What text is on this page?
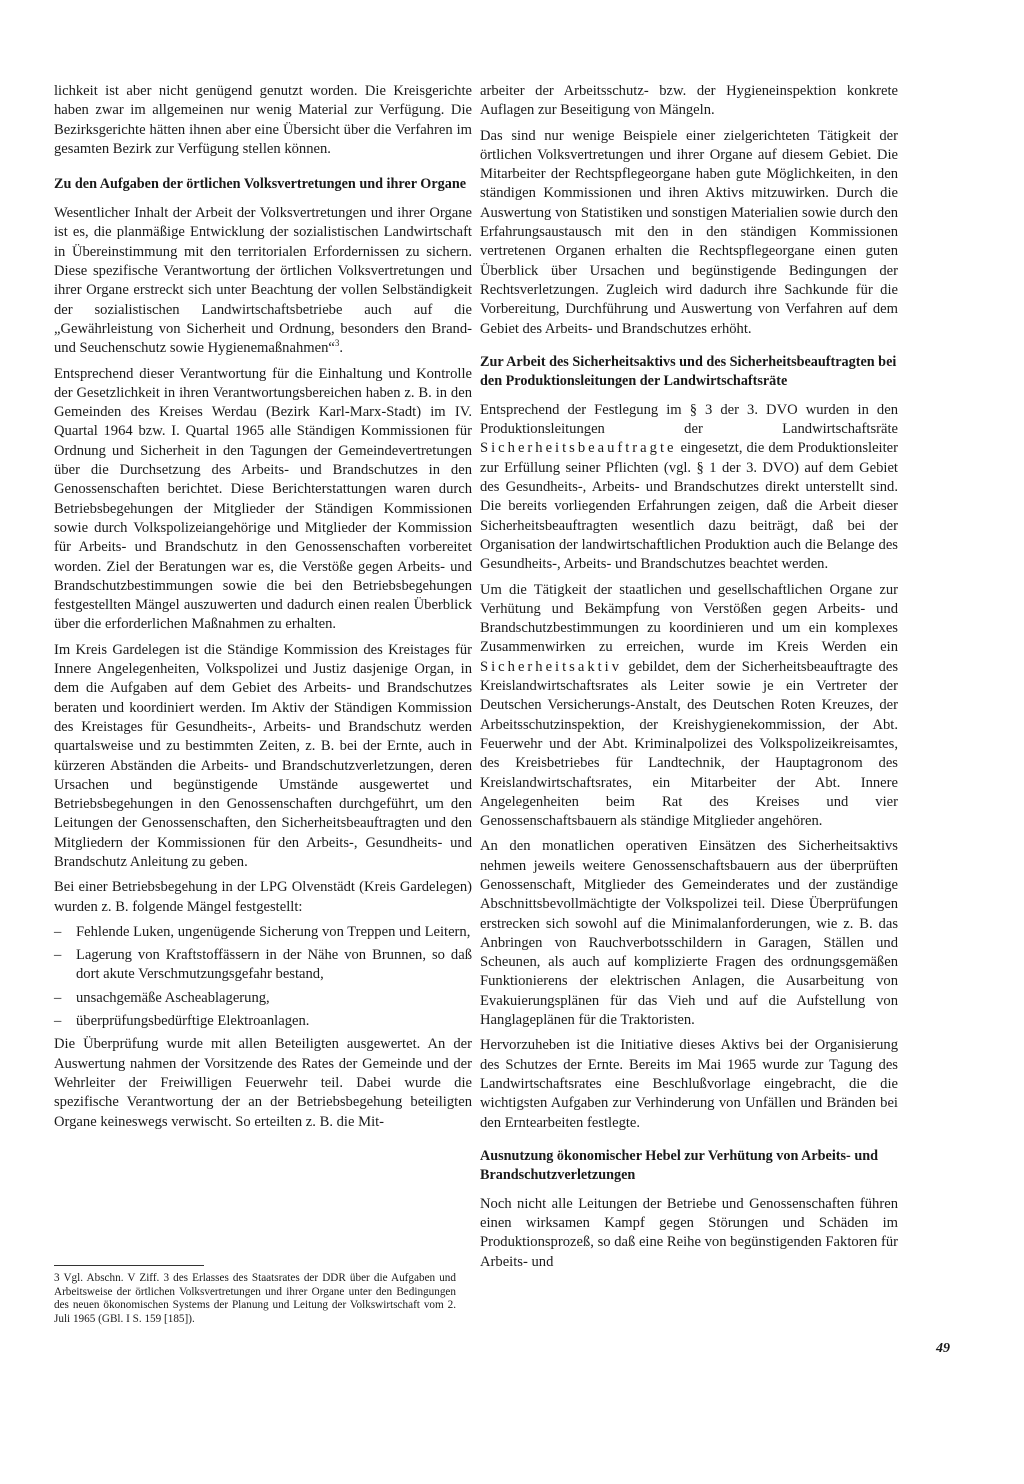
lichkeit ist aber nicht genügend genutzt worden. Die Kreisgerichte haben zwar im allgemeinen nur wenig Material zur Verfügung. Die Bezirksgerichte hätten ihnen aber eine Übersicht über die Verfahren im gesamten Bezirk zur Verfügung stellen können.

Zu den Aufgaben der örtlichen Volksvertretungen und ihrer Organe

Wesentlicher Inhalt der Arbeit der Volksvertretungen und ihrer Organe ist es, die planmäßige Entwicklung der sozialistischen Landwirtschaft in Übereinstimmung mit den territorialen Erfordernissen zu sichern. Diese spezifische Verantwortung der örtlichen Volksvertretungen und ihrer Organe erstreckt sich unter Beachtung der vollen Selbständigkeit der sozialistischen Landwirtschaftsbetriebe auch auf die „Gewährleistung von Sicherheit und Ordnung, besonders den Brand- und Seuchenschutz sowie Hygienemaßnahmen“$^3$.

Entsprechend dieser Verantwortung für die Einhaltung und Kontrolle der Gesetzlichkeit in ihren Verantwortungsbereichen haben z. B. in den Gemeinden des Kreises Werdau (Bezirk Karl-Marx-Stadt) im IV. Quartal 1964 bzw. I. Quartal 1965 alle Ständigen Kommissionen für Ordnung und Sicherheit in den Tagungen der Gemeindevertretungen über die Durchsetzung des Arbeits- und Brandschutzes in den Genossenschaften berichtet. Diese Berichterstattungen waren durch Betriebsbegehungen der Mitglieder der Ständigen Kommissionen sowie durch Volkspolizeiangehörige und Mitglieder der Kommission für Arbeits- und Brandschutz in den Genossenschaften vorbereitet worden. Ziel der Beratungen war es, die Verstöße gegen Arbeits- und Brandschutzbestimmungen sowie die bei den Betriebsbegehungen festgestellten Mängel auszuwerten und dadurch einen realen Überblick über die erforderlichen Maßnahmen zu erhalten.

Im Kreis Gardelegen ist die Ständige Kommission des Kreistages für Innere Angelegenheiten, Volkspolizei und Justiz dasjenige Organ, in dem die Aufgaben auf dem Gebiet des Arbeits- und Brandschutzes beraten und koordiniert werden. Im Aktiv der Ständigen Kommission des Kreistages für Gesundheits-, Arbeits- und Brandschutz werden quartalsweise und zu bestimmten Zeiten, z. B. bei der Ernte, auch in kürzeren Abständen die Arbeits- und Brandschutzverletzungen, deren Ursachen und begünstigende Umstände ausgewertet und Betriebsbegehungen in den Genossenschaften durchgeführt, um den Leitungen der Genossenschaften, den Sicherheitsbeauftragten und den Mitgliedern der Kommissionen für den Arbeits-, Gesundheits- und Brandschutz Anleitung zu geben.

Bei einer Betriebsbegehung in der LPG Olvenstädt (Kreis Gardelegen) wurden z. B. folgende Mängel festgestellt:

– Fehlende Luken, ungenügende Sicherung von Treppen und Leitern,
– Lagerung von Kraftstoffässern in der Nähe von Brunnen, so daß dort akute Verschmutzungsgefahr bestand,
– unsachgemäße Ascheablagerung,
– überprüfungsbedürftige Elektroanlagen.

Die Überprüfung wurde mit allen Beteiligten ausgewertet. An der Auswertung nahmen der Vorsitzende des Rates der Gemeinde und der Wehrleiter der Freiwilligen Feuerwehr teil. Dabei wurde die spezifische Verantwortung der an der Betriebsbegehung beteiligten Organe keineswegs verwischt. So erteilten z. B. die Mit-

arbeiter der Arbeitsschutz- bzw. der Hygieneinspektion konkrete Auflagen zur Beseitigung von Mängeln.

Das sind nur wenige Beispiele einer zielgerichteten Tätigkeit der örtlichen Volksvertretungen und ihrer Organe auf diesem Gebiet. Die Mitarbeiter der Rechtspflegeorgane haben gute Möglichkeiten, in den ständigen Kommissionen und ihren Aktivs mitzuwirken. Durch die Auswertung von Statistiken und sonstigen Materialien sowie durch den Erfahrungsaustausch mit den in den ständigen Kommissionen vertretenen Organen erhalten die Rechtspflegeorgane einen guten Überblick über Ursachen und begünstigende Bedingungen der Rechtsverletzungen. Zugleich wird dadurch ihre Sachkunde für die Vorbereitung, Durchführung und Auswertung von Verfahren auf dem Gebiet des Arbeits- und Brandschutzes erhöht.

Zur Arbeit des Sicherheitsaktivs und des Sicherheitsbeauftragten bei den Produktionsleitungen der Landwirtschaftsräte

Entsprechend der Festlegung im § 3 der 3. DVO wurden in den Produktionsleitungen der Landwirtschaftsräte Sicherheitsbeauftragte eingesetzt, die dem Produktionsleiter zur Erfüllung seiner Pflichten (vgl. § 1 der 3. DVO) auf dem Gebiet des Gesundheits-, Arbeits- und Brandschutzes direkt unterstellt sind. Die bereits vorliegenden Erfahrungen zeigen, daß die Arbeit dieser Sicherheitsbeauftragten wesentlich dazu beiträgt, daß bei der Organisation der landwirtschaftlichen Produktion auch die Belange des Gesundheits-, Arbeits- und Brandschutzes beachtet werden.

Um die Tätigkeit der staatlichen und gesellschaftlichen Organe zur Verhütung und Bekämpfung von Verstößen gegen Arbeits- und Brandschutzbestimmungen zu koordinieren und um ein komplexes Zusammenwirken zu erreichen, wurde im Kreis Werden ein Sicherheitsaktiv gebildet, dem der Sicherheitsbeauftragte des Kreislandwirtschaftsrates als Leiter sowie je ein Vertreter der Deutschen Versicherungs-Anstalt, des Deutschen Roten Kreuzes, der Arbeitsschutzinspektion, der Kreishygienekommission, der Abt. Feuerwehr und der Abt. Kriminalpolizei des Volkspolizeikreisamtes, des Kreisbetriebes für Landtechnik, der Hauptagronom des Kreislandwirtschaftsrates, ein Mitarbeiter der Abt. Innere Angelegenheiten beim Rat des Kreises und vier Genossenschaftsbauern als ständige Mitglieder angehören.

An den monatlichen operativen Einsätzen des Sicherheitsaktivs nehmen jeweils weitere Genossenschaftsbauern aus der überprüften Genossenschaft, Mitglieder des Gemeinderates und der zuständige Abschnittsbevollmächtigte der Volkspolizei teil. Diese Überprüfungen erstrecken sich sowohl auf die Minimalanforderungen, wie z. B. das Anbringen von Rauchverbotsschildern in Garagen, Ställen und Scheunen, als auch auf komplizierte Fragen des ordnungsgemäßen Funktionierens der elektrischen Anlagen, die Ausarbeitung von Evakuierungsplänen für das Vieh und auf die Aufstellung von Hanglageplänen für die Traktoristen.

Hervorzuheben ist die Initiative dieses Aktivs bei der Organisierung des Schutzes der Ernte. Bereits im Mai 1965 wurde zur Tagung des Landwirtschaftsrates eine Beschlußvorlage eingebracht, die die wichtigsten Aufgaben zur Verhinderung von Unfällen und Bränden bei den Erntearbeiten festlegte.

Ausnutzung ökonomischer Hebel zur Verhütung von Arbeits- und Brandschutzverletzungen

Noch nicht alle Leitungen der Betriebe und Genossenschaften führen einen wirksamen Kampf gegen Störungen und Schäden im Produktionsprozeß, so daß eine Reihe von begünstigenden Faktoren für Arbeits- und

3 Vgl. Abschn. V Ziff. 3 des Erlasses des Staatsrates der DDR über die Aufgaben und Arbeitsweise der örtlichen Volksvertretungen und ihrer Organe unter den Bedingungen des neuen ökonomischen Systems der Planung und Leitung der Volkswirtschaft vom 2. Juli 1965 (GBl. I S. 159 [185]).

49
